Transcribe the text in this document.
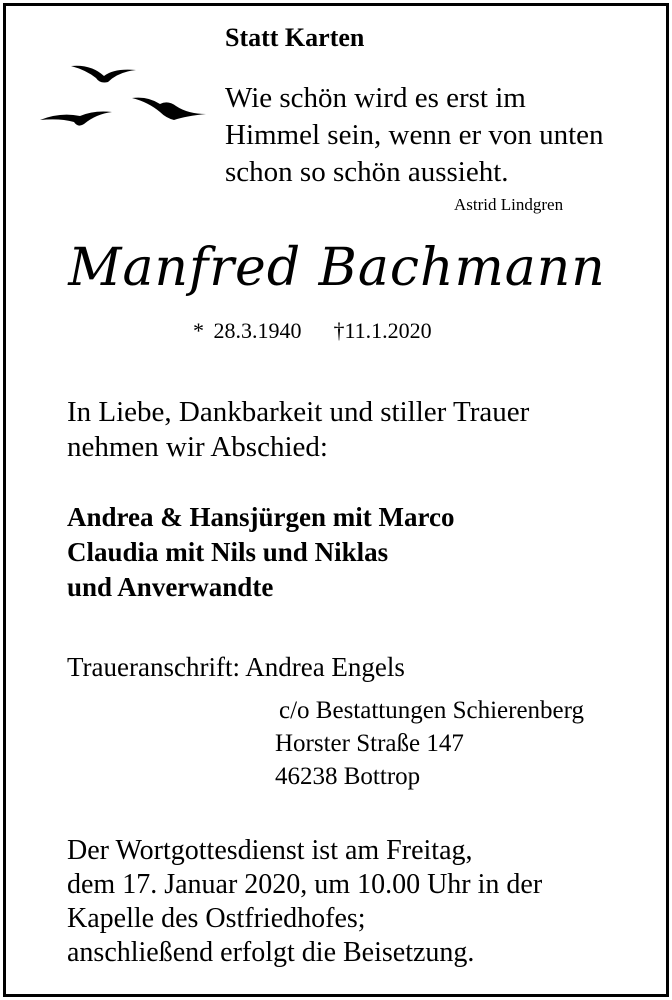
Statt Karten
Wie schön wird es erst im
Himmel sein, wenn er von unten
schon so schön aussieht.
Astrid Lindgren
Manfred Bachmann
* 28.3.1940 †11.1.2020
In Liebe, Dankbarkeit und stiller Trauer
nehmen wir Abschied:
Andrea & Hansjürgen mit Marco
Claudia mit Nils und Niklas
und Anverwandte
Traueranschrift: Andrea Engels
c/o Bestattungen Schierenberg
Horster Straße 147
46238 Bottrop
Der Wortgottesdienst ist am Freitag,
dem 17. Januar 2020, um 10.00 Uhr in der
Kapelle des Ostfriedhofes;
anschließend erfolgt die Beisetzung.
